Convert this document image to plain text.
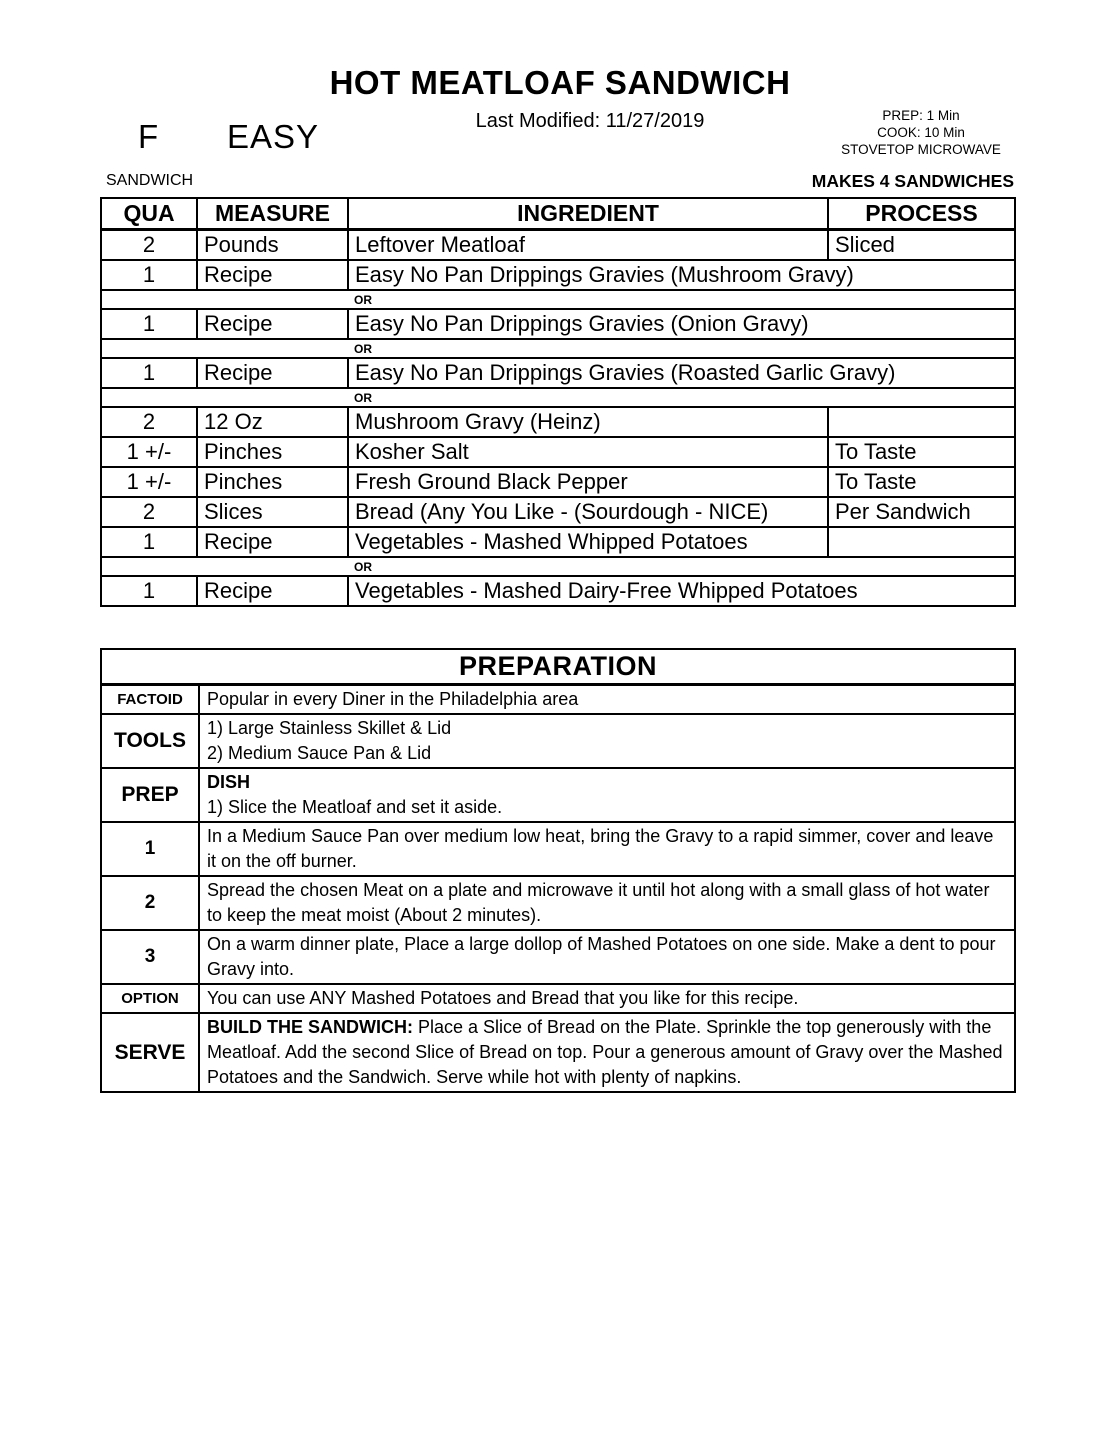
HOT MEATLOAF SANDWICH
Last Modified: 11/27/2019
F EASY
PREP: 1 Min
COOK: 10 Min
STOVETOP MICROWAVE
SANDWICH	MAKES 4 SANDWICHES
QUA	MEASURE	INGREDIENT	PROCESS
2	Pounds	Leftover Meatloaf	Sliced
1	Recipe	Easy No Pan Drippings Gravies (Mushroom Gravy)	
OR			
1	Recipe	Easy No Pan Drippings Gravies (Onion Gravy)	
OR			
1	Recipe	Easy No Pan Drippings Gravies (Roasted Garlic Gravy)	
OR			
2	12 Oz	Mushroom Gravy (Heinz)	
1 +/-	Pinches	Kosher Salt	To Taste
1 +/-	Pinches	Fresh Ground Black Pepper	To Taste
2	Slices	Bread (Any You Like - (Sourdough - NICE)	Per Sandwich
1	Recipe	Vegetables - Mashed Whipped Potatoes	
OR			
1	Recipe	Vegetables - Mashed Dairy-Free Whipped Potatoes	
PREPARATION	
FACTOID	Popular in every Diner in the Philadelphia area

TOOLS	1) Large Stainless Skillet & Lid
2) Medium Sauce Pan & Lid

PREP	DISH
1) Slice the Meatloaf and set it aside.

1	In a Medium Sauce Pan over medium low heat, bring the Gravy to a rapid simmer, cover and leave it on the off burner.

2	Spread the chosen Meat on a plate and microwave it until hot along with a small glass of hot water to keep the meat moist (About 2 minutes).

3	On a warm dinner plate, Place a large dollop of Mashed Potatoes on one side. Make a dent to pour Gravy into.

OPTION	You can use ANY Mashed Potatoes and Bread that you like for this recipe.

SERVE	BUILD THE SANDWICH: Place a Slice of Bread on the Plate. Sprinkle the top generously with the Meatloaf. Add the second Slice of Bread on top. Pour a generous amount of Gravy over the Mashed Potatoes and the Sandwich. Serve while hot with plenty of napkins.
